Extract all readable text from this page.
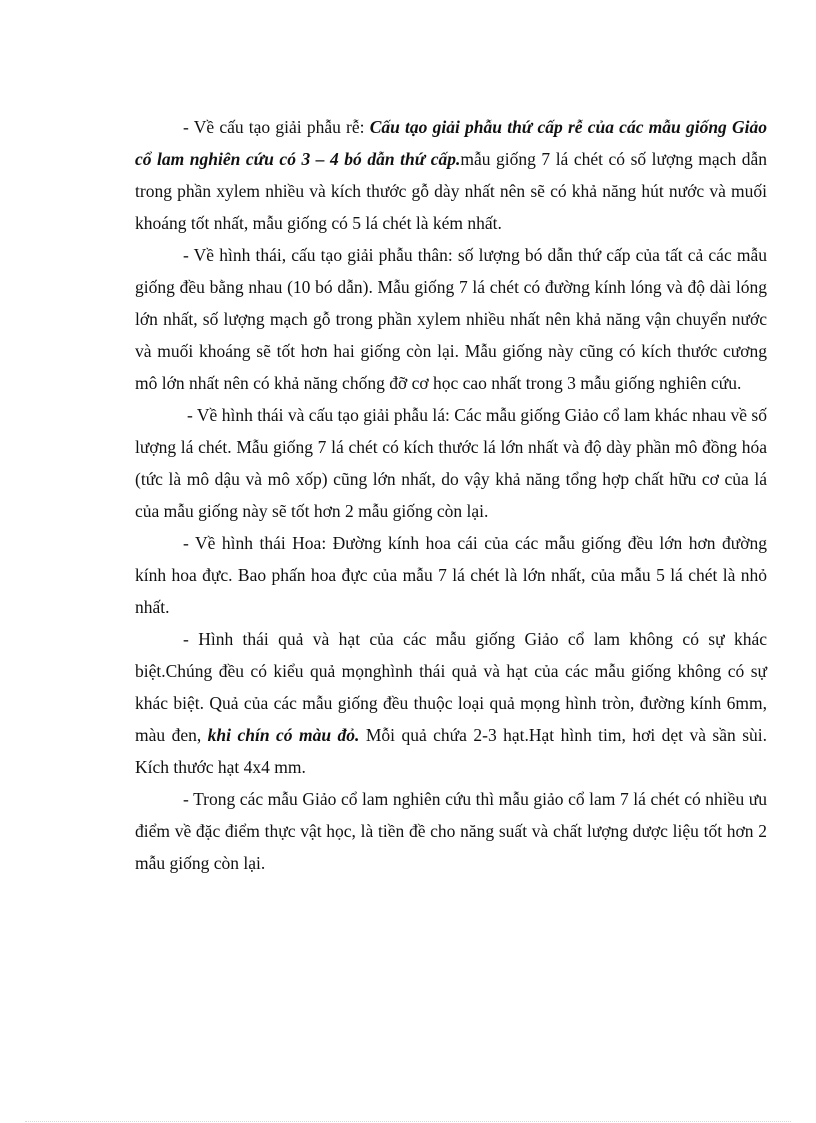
- Về cấu tạo giải phẫu rễ: Cấu tạo giải phẫu thứ cấp rễ của các mẫu giống Giảo cổ lam nghiên cứu có 3 – 4 bó dẫn thứ cấp.mẫu giống 7 lá chét có số lượng mạch dẫn trong phần xylem nhiều và kích thước gỗ dày nhất nên sẽ có khả năng hút nước và muối khoáng tốt nhất, mẫu giống có 5 lá chét là kém nhất.

- Về hình thái, cấu tạo giải phẫu thân: số lượng bó dẫn thứ cấp của tất cả các mẫu giống đều bằng nhau (10 bó dẫn). Mẫu giống 7 lá chét có đường kính lóng và độ dài lóng lớn nhất, số lượng mạch gỗ trong phần xylem nhiều nhất nên khả năng vận chuyển nước và muối khoáng sẽ tốt hơn hai giống còn lại. Mẫu giống này cũng có kích thước cương mô lớn nhất nên có khả năng chống đỡ cơ học cao nhất trong 3 mẫu giống nghiên cứu.

- Về hình thái và cấu tạo giải phẫu lá: Các mẫu giống Giảo cổ lam khác nhau về số lượng lá chét. Mẫu giống 7 lá chét có kích thước lá lớn nhất và độ dày phần mô đồng hóa (tức là mô dậu và mô xốp) cũng lớn nhất, do vậy khả năng tổng hợp chất hữu cơ của lá của mẫu giống này sẽ tốt hơn 2 mẫu giống còn lại.

- Về hình thái Hoa: Đường kính hoa cái của các mẫu giống đều lớn hơn đường kính hoa đực. Bao phấn hoa đực của mẫu 7 lá chét là lớn nhất, của mẫu 5 lá chét là nhỏ nhất.

- Hình thái quả và hạt của các mẫu giống Giảo cổ lam không có sự khác biệt.Chúng đều có kiểu quả mọnghình thái quả và hạt của các mẫu giống không có sự khác biệt. Quả của các mẫu giống đều thuộc loại quả mọng hình tròn, đường kính 6mm, màu đen, khi chín có màu đỏ. Mỗi quả chứa 2-3 hạt.Hạt hình tim, hơi dẹt và sần sùi. Kích thước hạt 4x4 mm.

- Trong các mẫu Giảo cổ lam nghiên cứu thì mẫu giảo cổ lam 7 lá chét có nhiều ưu điểm về đặc điểm thực vật học, là tiền đề cho năng suất và chất lượng dược liệu tốt hơn 2 mẫu giống còn lại.
